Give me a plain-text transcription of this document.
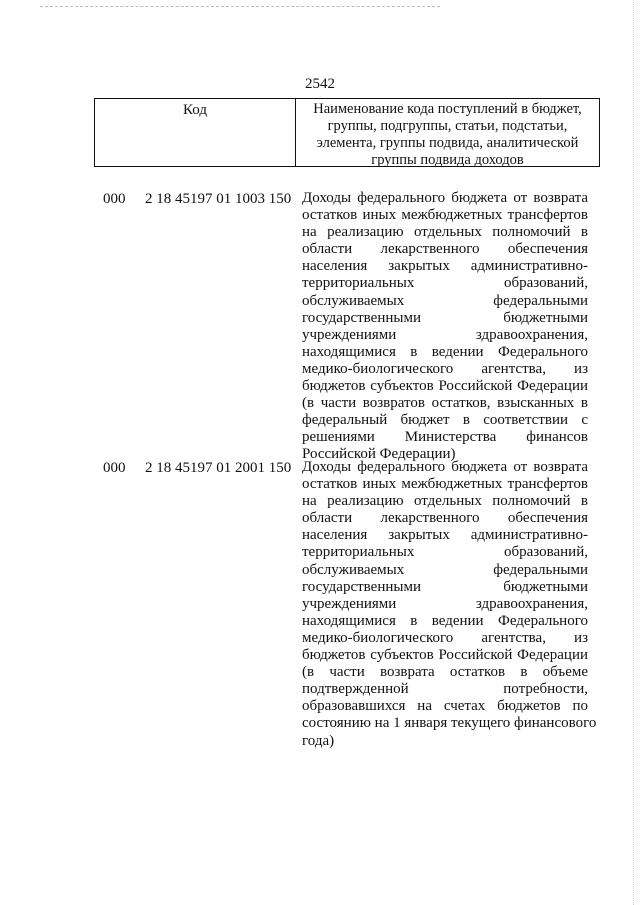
2542
Код	Наименование кода поступлений в бюджет, группы, подгруппы, статьи, подстатьи, элемента, группы подвида, аналитической группы подвида доходов
000 2 18 45197 01 1003 150 Доходы федерального бюджета от возврата
остатков иных межбюджетных трансфертов
на реализацию отдельных полномочий в
области лекарственного обеспечения
населения закрытых административно-
территориальных образований,
обслуживаемых федеральными
государственными бюджетными
учреждениями здравоохранения,
находящимися в ведении Федерального
медико-биологического агентства, из
бюджетов субъектов Российской Федерации
(в части возвратов остатков, взысканных в
федеральный бюджет в соответствии с
решениями Министерства финансов
Российской Федерации)
000 2 18 45197 01 2001 150 Доходы федерального бюджета от возврата
остатков иных межбюджетных трансфертов
на реализацию отдельных полномочий в
области лекарственного обеспечения
населения закрытых административно-
территориальных образований,
обслуживаемых федеральными
государственными бюджетными
учреждениями здравоохранения,
находящимися в ведении Федерального
медико-биологического агентства, из
бюджетов субъектов Российской Федерации
(в части возврата остатков в объеме
подтвержденной потребности,
образовавшихся на счетах бюджетов по
состоянию на 1 января текущего финансового
года)
